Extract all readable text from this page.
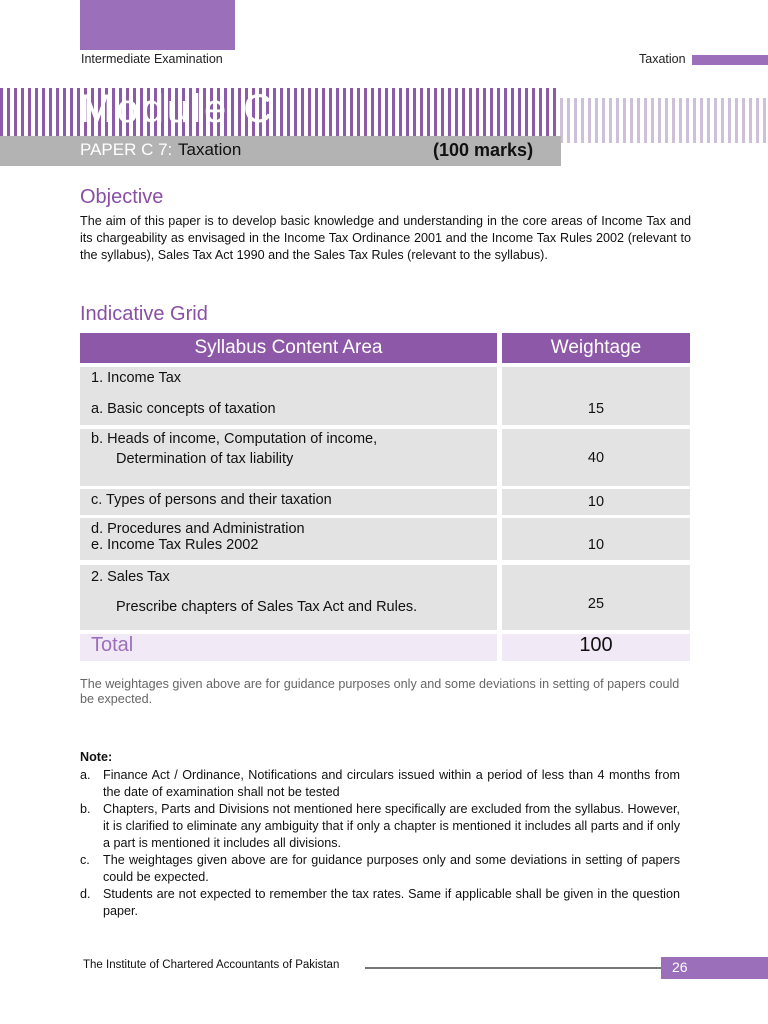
Intermediate Examination	Taxation
Module C
PAPER C 7: Taxation	(100 marks)
Objective

The aim of this paper is to develop basic knowledge and understanding in the core areas of Income Tax and its chargeability as envisaged in the Income Tax Ordinance 2001 and the Income Tax Rules 2002 (relevant to the syllabus), Sales Tax Act 1990 and the Sales Tax Rules (relevant to the syllabus).

Indicative Grid
Syllabus Content Area	Weightage
1. Income Tax
a. Basic concepts of taxation	15
b. Heads of income, Computation of income,
Determination of tax liability	40
c. Types of persons and their taxation	10
d. Procedures and Administration
e. Income Tax Rules 2002	10
2. Sales Tax
Prescribe chapters of Sales Tax Act and Rules.	25
Total	100

The weightages given above are for guidance purposes only and some deviations in setting of papers could be expected.

Note:
a. Finance Act / Ordinance, Notifications and circulars issued within a period of less than 4 months from the date of examination shall not be tested
b. Chapters, Parts and Divisions not mentioned here specifically are excluded from the syllabus. However, it is clarified to eliminate any ambiguity that if only a chapter is mentioned it includes all parts and if only a part is mentioned it includes all divisions.
c.	The weightages given above are for guidance purposes only and some deviations in setting of papers could be expected.
d. Students are not expected to remember the tax rates. Same if applicable shall be given in the question paper.
The Institute of Chartered Accountants of Pakistan	26
